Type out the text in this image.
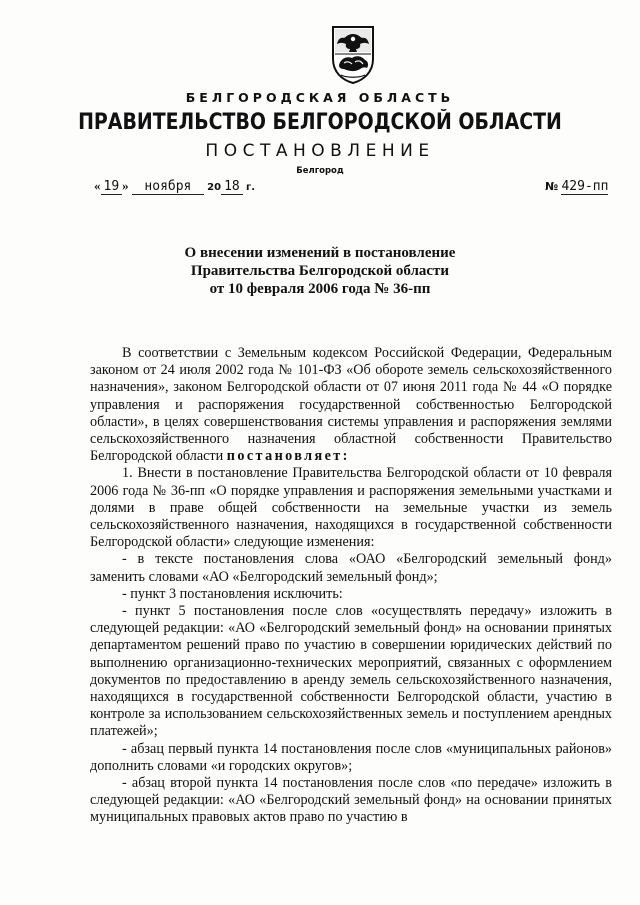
БЕЛГОРОДСКАЯ ОБЛАСТЬ
ПРАВИТЕЛЬСТВО БЕЛГОРОДСКОЙ ОБЛАСТИ
ПОСТАНОВЛЕНИЕ
Белгород
« 19 » ноября 20 18 г.	№ 429-пп
О внесении изменений в постановление
Правительства Белгородской области
от 10 февраля 2006 года № 36-пп

В соответствии с Земельным кодексом Российской Федерации, Федеральным законом от 24 июля 2002 года № 101-ФЗ «Об обороте земель сельскохозяйственного назначения», законом Белгородской области от 07 июня 2011 года № 44 «О порядке управления и распоряжения государственной собственностью Белгородской области», в целях совершенствования системы управления и распоряжения землями сельскохозяйственного назначения областной собственности Правительство Белгородской области постановляет:

1. Внести в постановление Правительства Белгородской области от 10 февраля 2006 года № 36-пп «О порядке управления и распоряжения земельными участками и долями в праве общей собственности на земельные участки из земель сельскохозяйственного назначения, находящихся в государственной собственности Белгородской области» следующие изменения:

- в тексте постановления слова «ОАО «Белгородский земельный фонд» заменить словами «АО «Белгородский земельный фонд»;

- пункт 3 постановления исключить:

- пункт 5 постановления после слов «осуществлять передачу» изложить в следующей редакции: «АО «Белгородский земельный фонд» на основании принятых департаментом решений право по участию в совершении юридических действий по выполнению организационно-технических мероприятий, связанных с оформлением документов по предоставлению в аренду земель сельскохозяйственного назначения, находящихся в государственной собственности Белгородской области, участию в контроле за использованием сельскохозяйственных земель и поступлением арендных платежей»;

- абзац первый пункта 14 постановления после слов «муниципальных районов» дополнить словами «и городских округов»;

- абзац второй пункта 14 постановления после слов «по передаче» изложить в следующей редакции: «АО «Белгородский земельный фонд» на основании принятых муниципальных правовых актов право по участию в
